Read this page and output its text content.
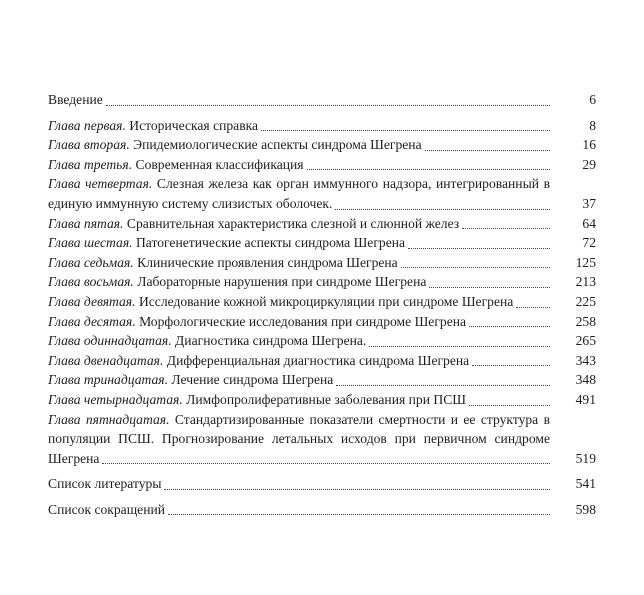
Введение	6
Глава первая. Историческая справка	8
Глава вторая. Эпидемиологические аспекты синдрома Шегрена	16
Глава третья. Современная классификация	29
Глава четвертая. Слезная железа как орган иммунного надзора, интегрированный в единую иммунную систему слизистых оболочек.	37
Глава пятая. Сравнительная характеристика слезной и слюнной желез	64
Глава шестая. Патогенетические аспекты синдрома Шегрена	72
Глава седьмая. Клинические проявления синдрома Шегрена	125
Глава восьмая. Лабораторные нарушения при синдроме Шегрена	213
Глава девятая. Исследование кожной микроциркуляции при синдроме Шегрена	225
Глава десятая. Морфологические исследования при синдроме Шегрена	258
Глава одиннадцатая. Диагностика синдрома Шегрена.	265
Глава двенадцатая. Дифференциальная диагностика синдрома Шегрена	343
Глава тринадцатая. Лечение синдрома Шегрена	348
Глава четырнадцатая. Лимфопролиферативные заболевания при ПСШ	491
Глава пятнадцатая. Стандартизированные показатели смертности и ее структура в популяции ПСШ. Прогнозирование летальных исходов при первичном синдроме Шегрена	519
Список литературы	541
Список сокращений	598
